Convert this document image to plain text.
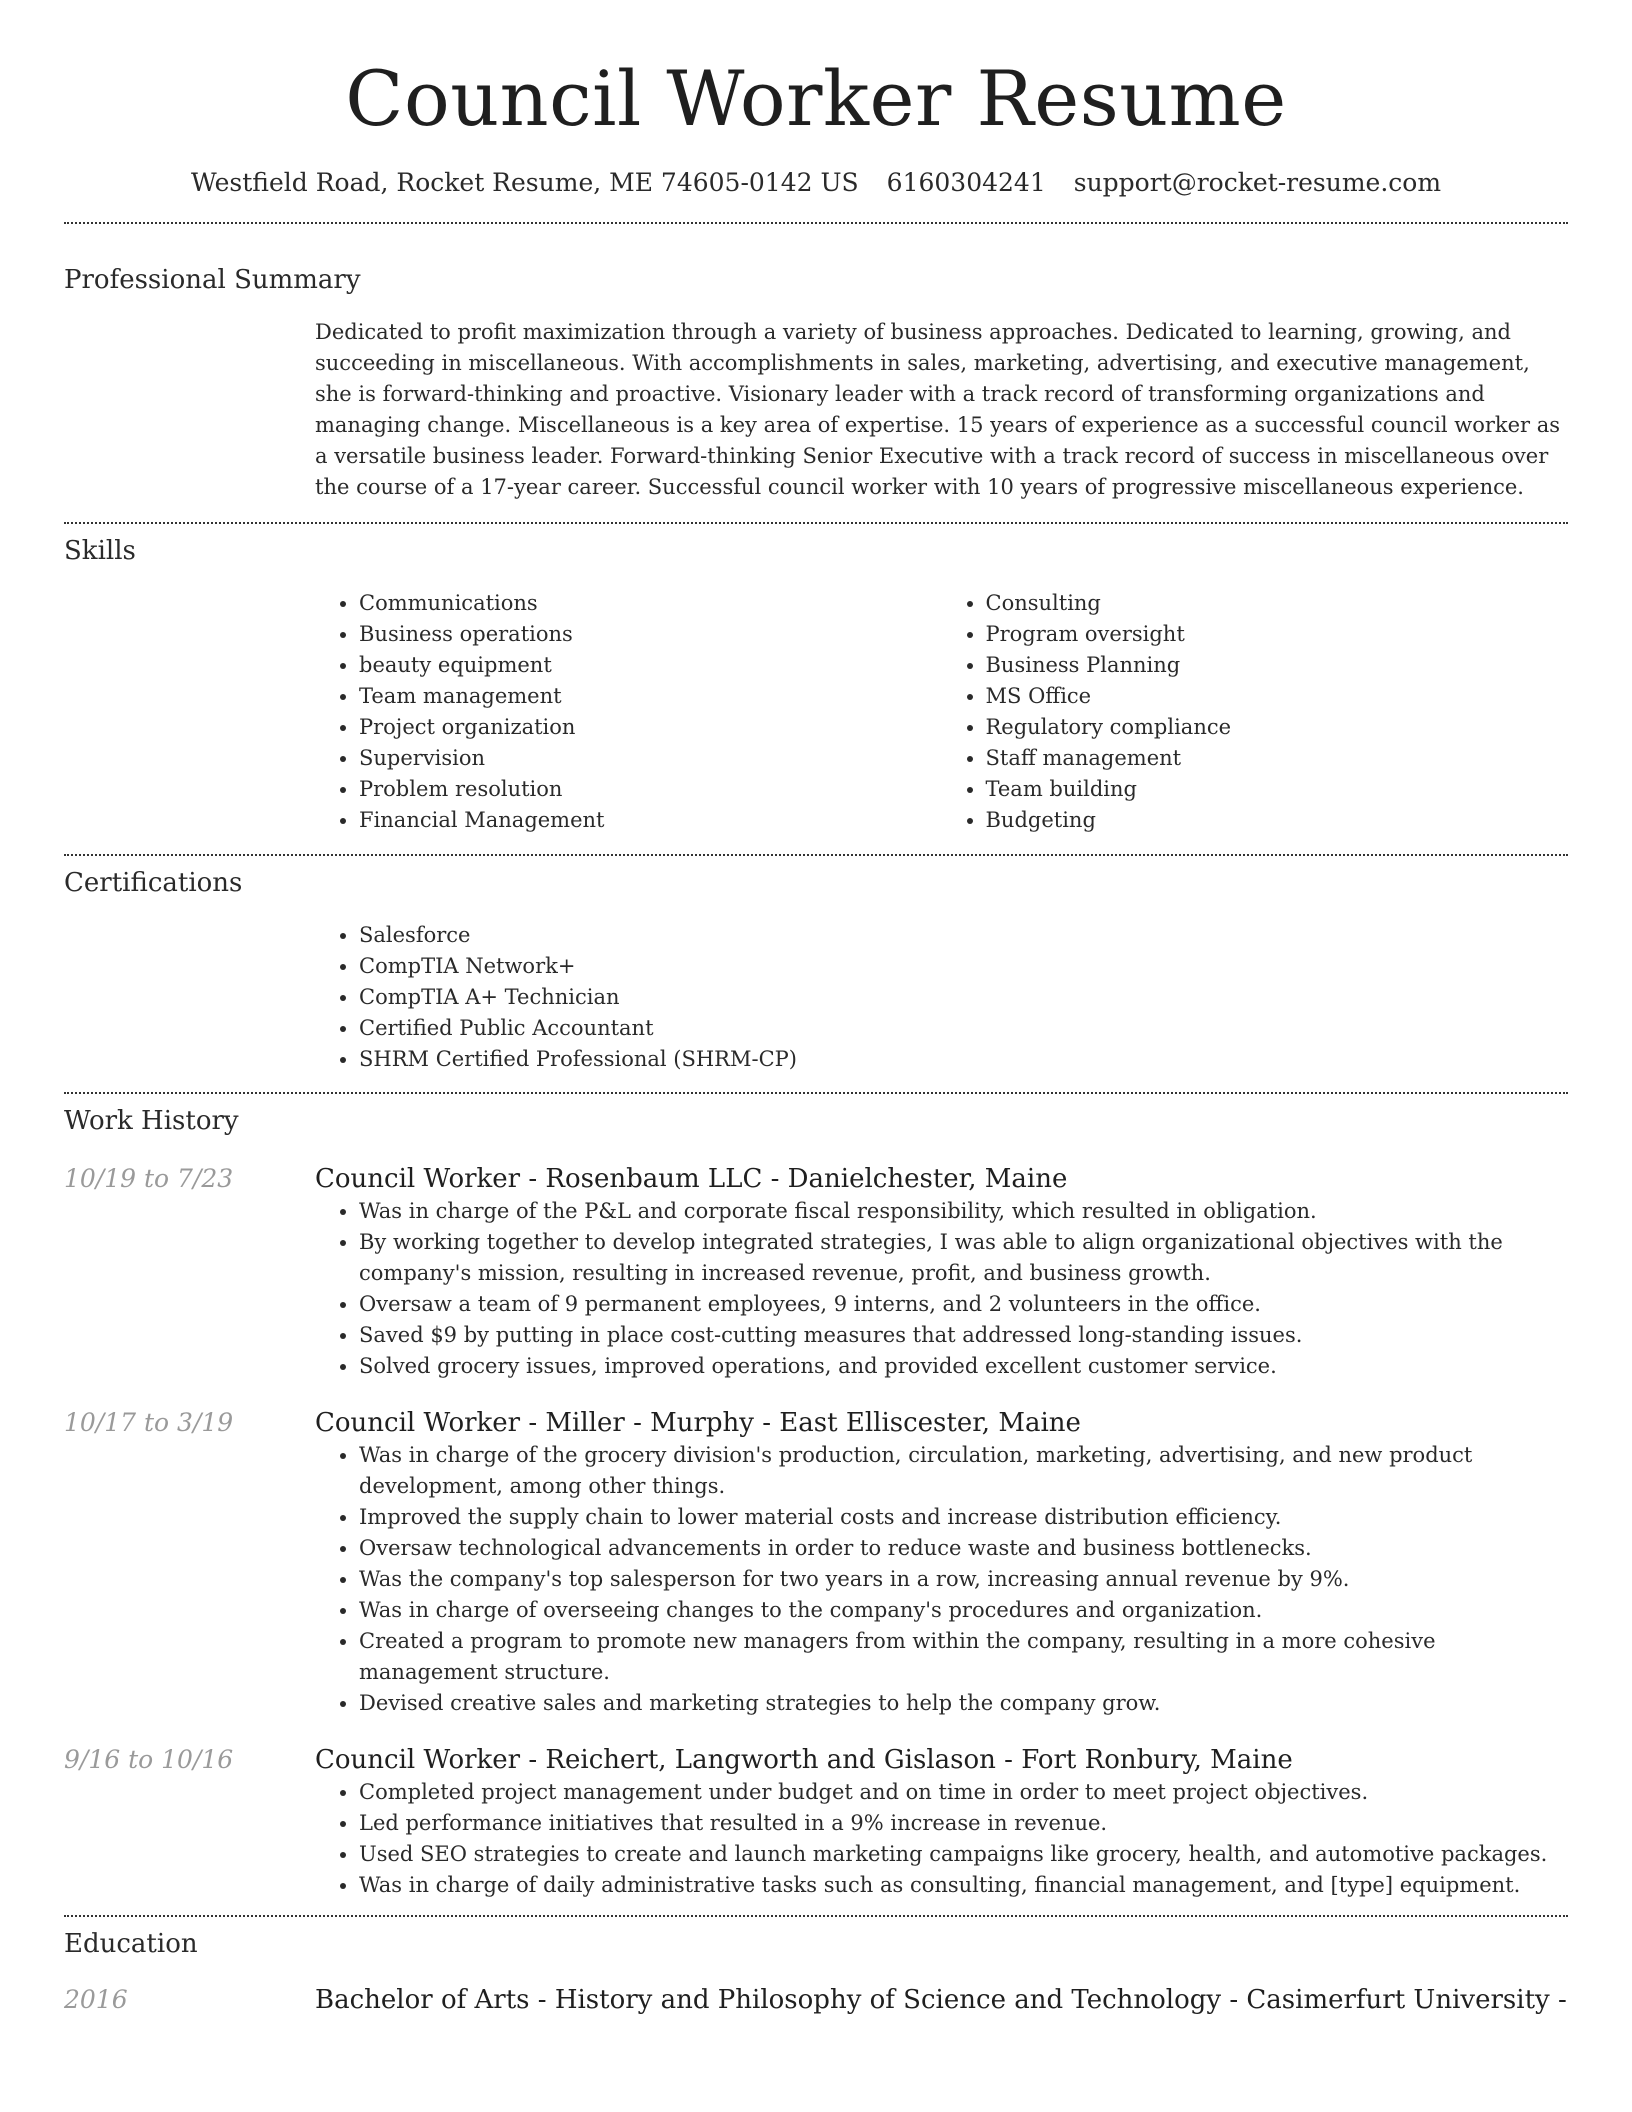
Council Worker Resume
Westfield Road, Rocket Resume, ME 74605-0142 US 6160304241 support@rocket-resume.com
Professional Summary
Dedicated to profit maximization through a variety of business approaches. Dedicated to learning, growing, and succeeding in miscellaneous. With accomplishments in sales, marketing, advertising, and executive management, she is forward-thinking and proactive. Visionary leader with a track record of transforming organizations and managing change. Miscellaneous is a key area of expertise. 15 years of experience as a successful council worker as a versatile business leader. Forward-thinking Senior Executive with a track record of success in miscellaneous over the course of a 17-year career. Successful council worker with 10 years of progressive miscellaneous experience.
Skills
• Communications
• Business operations
• beauty equipment
• Team management
• Project organization
• Supervision
• Problem resolution
• Financial Management
• Consulting
• Program oversight
• Business Planning
• MS Office
• Regulatory compliance
• Staff management
• Team building
• Budgeting
Certifications
• Salesforce
• CompTIA Network+
• CompTIA A+ Technician
• Certified Public Accountant
• SHRM Certified Professional (SHRM-CP)
Work History
10/19 to 7/23	Council Worker - Rosenbaum LLC - Danielchester, Maine
• Was in charge of the P&L and corporate fiscal responsibility, which resulted in obligation.
• By working together to develop integrated strategies, I was able to align organizational objectives with the company's mission, resulting in increased revenue, profit, and business growth.
• Oversaw a team of 9 permanent employees, 9 interns, and 2 volunteers in the office.
• Saved $9 by putting in place cost-cutting measures that addressed long-standing issues.
• Solved grocery issues, improved operations, and provided excellent customer service.
10/17 to 3/19	Council Worker - Miller - Murphy - East Elliscester, Maine
• Was in charge of the grocery division's production, circulation, marketing, advertising, and new product development, among other things.
• Improved the supply chain to lower material costs and increase distribution efficiency.
• Oversaw technological advancements in order to reduce waste and business bottlenecks.
• Was the company's top salesperson for two years in a row, increasing annual revenue by 9%.
• Was in charge of overseeing changes to the company's procedures and organization.
• Created a program to promote new managers from within the company, resulting in a more cohesive management structure.
• Devised creative sales and marketing strategies to help the company grow.
9/16 to 10/16	Council Worker - Reichert, Langworth and Gislason - Fort Ronbury, Maine
• Completed project management under budget and on time in order to meet project objectives.
• Led performance initiatives that resulted in a 9% increase in revenue.
• Used SEO strategies to create and launch marketing campaigns like grocery, health, and automotive packages.
• Was in charge of daily administrative tasks such as consulting, financial management, and [type] equipment.
Education
2016	Bachelor of Arts - History and Philosophy of Science and Technology - Casimerfurt University -
